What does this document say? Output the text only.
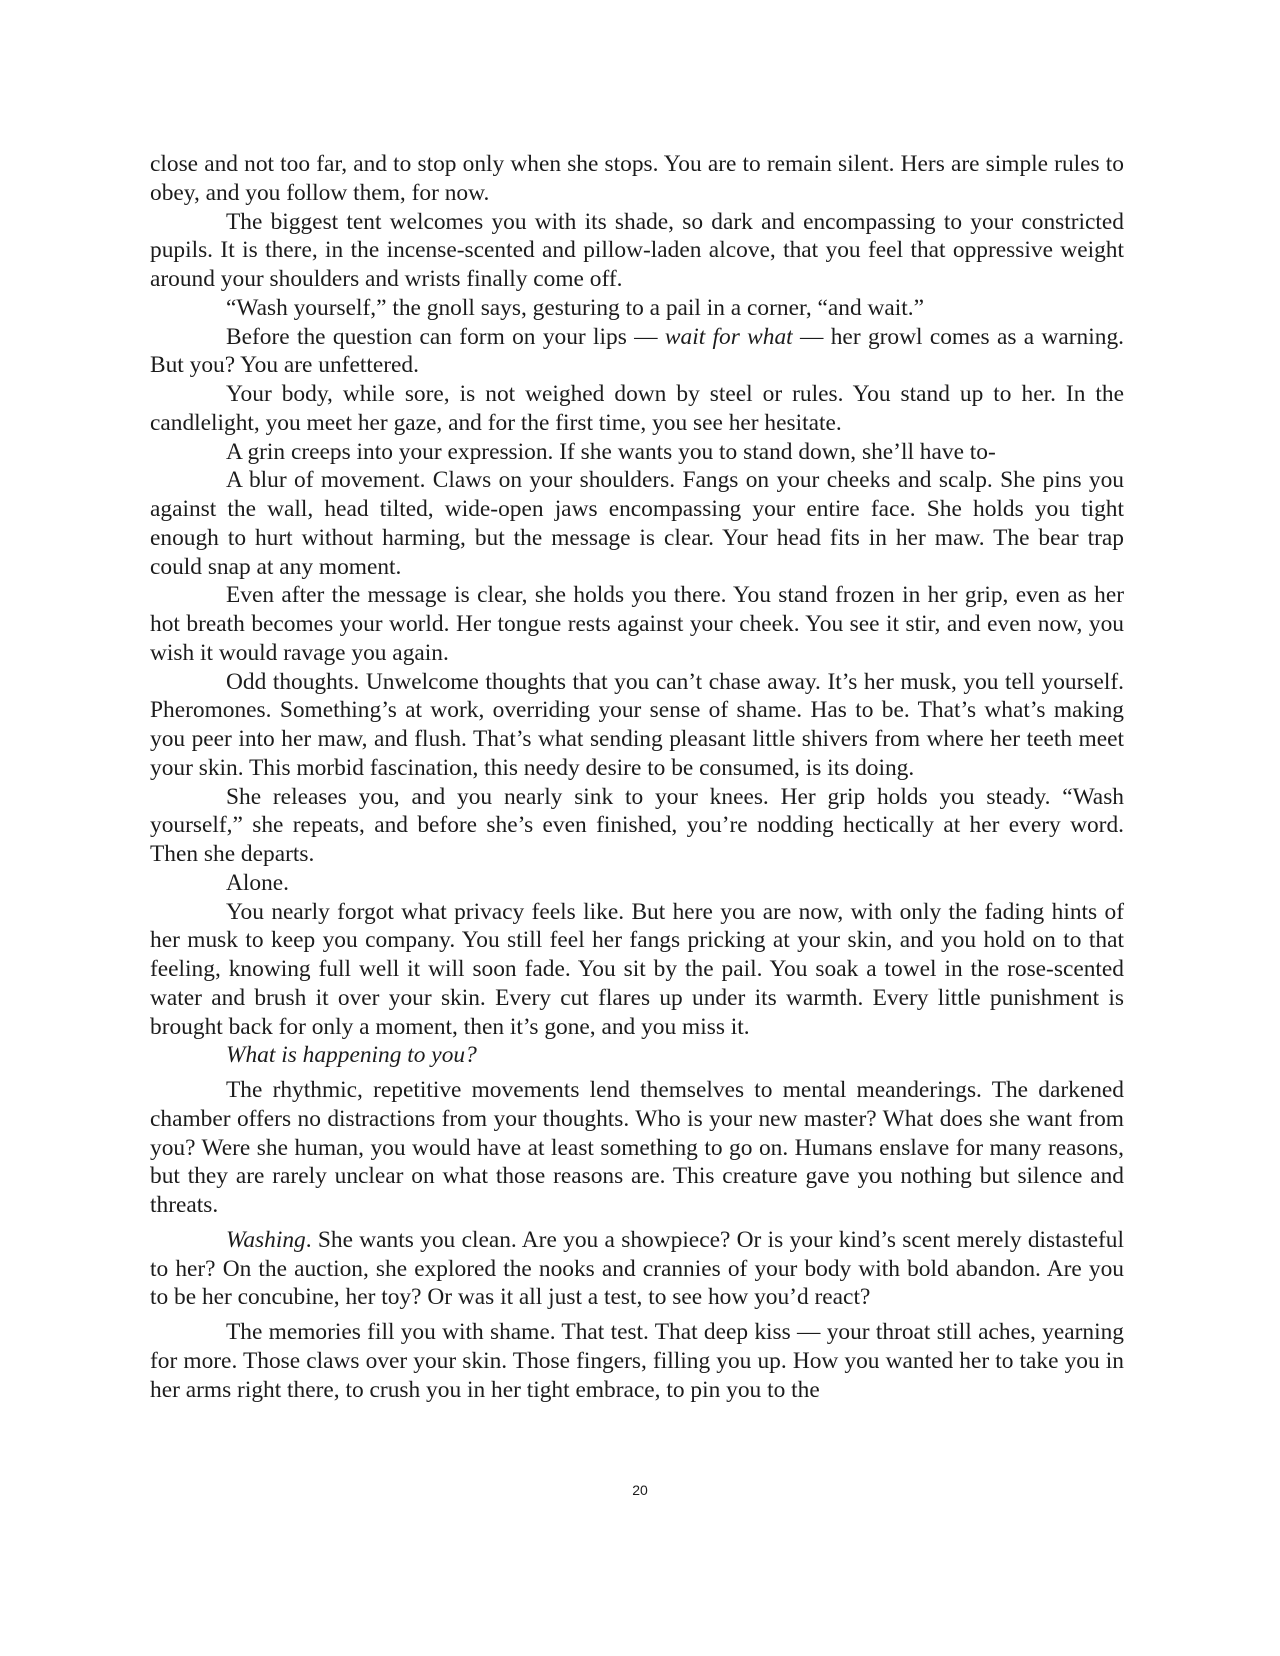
close and not too far, and to stop only when she stops. You are to remain silent. Hers are simple rules to obey, and you follow them, for now.

The biggest tent welcomes you with its shade, so dark and encompassing to your constricted pupils. It is there, in the incense-scented and pillow-laden alcove, that you feel that oppressive weight around your shoulders and wrists finally come off.

“Wash yourself,” the gnoll says, gesturing to a pail in a corner, “and wait.”

Before the question can form on your lips — wait for what — her growl comes as a warning. But you? You are unfettered.

Your body, while sore, is not weighed down by steel or rules. You stand up to her. In the candlelight, you meet her gaze, and for the first time, you see her hesitate.

A grin creeps into your expression. If she wants you to stand down, she’ll have to-

A blur of movement. Claws on your shoulders. Fangs on your cheeks and scalp. She pins you against the wall, head tilted, wide-open jaws encompassing your entire face. She holds you tight enough to hurt without harming, but the message is clear. Your head fits in her maw. The bear trap could snap at any moment.

Even after the message is clear, she holds you there. You stand frozen in her grip, even as her hot breath becomes your world. Her tongue rests against your cheek. You see it stir, and even now, you wish it would ravage you again.

Odd thoughts. Unwelcome thoughts that you can’t chase away. It’s her musk, you tell yourself. Pheromones. Something’s at work, overriding your sense of shame. Has to be. That’s what’s making you peer into her maw, and flush. That’s what sending pleasant little shivers from where her teeth meet your skin. This morbid fascination, this needy desire to be consumed, is its doing.

She releases you, and you nearly sink to your knees. Her grip holds you steady. “Wash yourself,” she repeats, and before she’s even finished, you’re nodding hectically at her every word. Then she departs.

Alone.

You nearly forgot what privacy feels like. But here you are now, with only the fading hints of her musk to keep you company. You still feel her fangs pricking at your skin, and you hold on to that feeling, knowing full well it will soon fade. You sit by the pail. You soak a towel in the rose-scented water and brush it over your skin. Every cut flares up under its warmth. Every little punishment is brought back for only a moment, then it’s gone, and you miss it.

What is happening to you?

The rhythmic, repetitive movements lend themselves to mental meanderings. The darkened chamber offers no distractions from your thoughts. Who is your new master? What does she want from you? Were she human, you would have at least something to go on. Humans enslave for many reasons, but they are rarely unclear on what those reasons are. This creature gave you nothing but silence and threats.

Washing. She wants you clean. Are you a showpiece? Or is your kind’s scent merely distasteful to her? On the auction, she explored the nooks and crannies of your body with bold abandon. Are you to be her concubine, her toy? Or was it all just a test, to see how you’d react?

The memories fill you with shame. That test. That deep kiss — your throat still aches, yearning for more. Those claws over your skin. Those fingers, filling you up. How you wanted her to take you in her arms right there, to crush you in her tight embrace, to pin you to the

20
